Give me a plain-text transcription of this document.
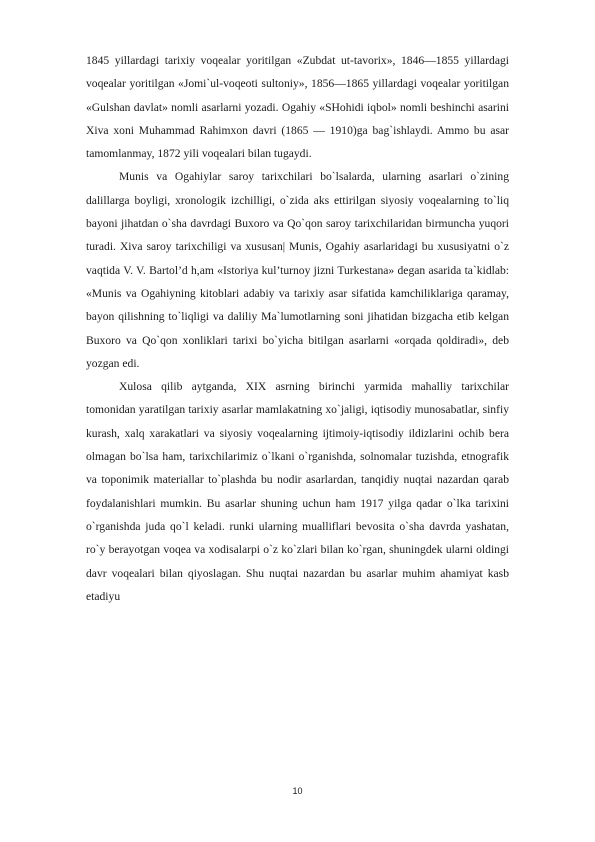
1845 yillardagi tarixiy voqealar yoritilgan «Zubdat ut-tavorix», 1846—1855 yillardagi voqealar yoritilgan «Jomi`ul-voqeoti sultoniy», 1856—1865 yillardagi voqealar yoritilgan «Gulshan davlat» nomli asarlarni yozadi. Ogahiy «SHohidi iqbol» nomli beshinchi asarini Xiva xoni Muhammad Rahimxon davri (1865 — 1910)ga bag`ishlaydi. Ammo bu asar tamomlanmay, 1872 yili voqealari bilan tugaydi.

Munis va Ogahiylar saroy tarixchilari bo`lsalarda, ularning asarlari o`zining dalillarga boyligi, xronologik izchilligi, o`zida aks ettirilgan siyosiy voqealarning to`liq bayoni jihatdan o`sha davrdagi Buxoro va Qo`qon saroy tarixchilaridan birmuncha yuqori turadi. Xiva saroy tarixchiligi va xususan| Munis, Ogahiy asarlaridagi bu xususiyatni o`z vaqtida V. V. Bartol’d h,am «Istoriya kul’turnoy jizni Turkestana» degan asarida ta`kidlab: «Munis va Ogahiyning kitoblari adabiy va tarixiy asar sifatida kamchiliklariga qaramay, bayon qilishning to`liqligi va daliliy Ma`lumotlarning soni jihatidan bizgacha etib kelgan Buxoro va Qo`qon xonliklari tarixi bo`yicha bitilgan asarlarni «orqada qoldiradi», deb yozgan edi.

Xulosa qilib aytganda, XIX asrning birinchi yarmida mahalliy tarixchilar tomonidan yaratilgan tarixiy asarlar mamlakatning xo`jaligi, iqtisodiy munosabatlar, sinfiy kurash, xalq xarakatlari va siyosiy voqealarning ijtimoiy-iqtisodiy ildizlarini ochib bera olmagan bo`lsa ham, tarixchilarimiz o`lkani o`rganishda, solnomalar tuzishda, etnografik va toponimik materiallar to`plashda bu nodir asarlardan, tanqidiy nuqtai nazardan qarab foydalanishlari mumkin. Bu asarlar shuning uchun ham 1917 yilga qadar o`lka tarixini o`rganishda juda qo`l keladi. runki ularning mualliflari bevosita o`sha davrda yashatan, ro`y berayotgan voqea va xodisalarpi o`z ko`zlari bilan ko`rgan, shuningdek ularni oldingi davr voqealari bilan qiyoslagan. Shu nuqtai nazardan bu asarlar muhim ahamiyat kasb etadiyu

10
